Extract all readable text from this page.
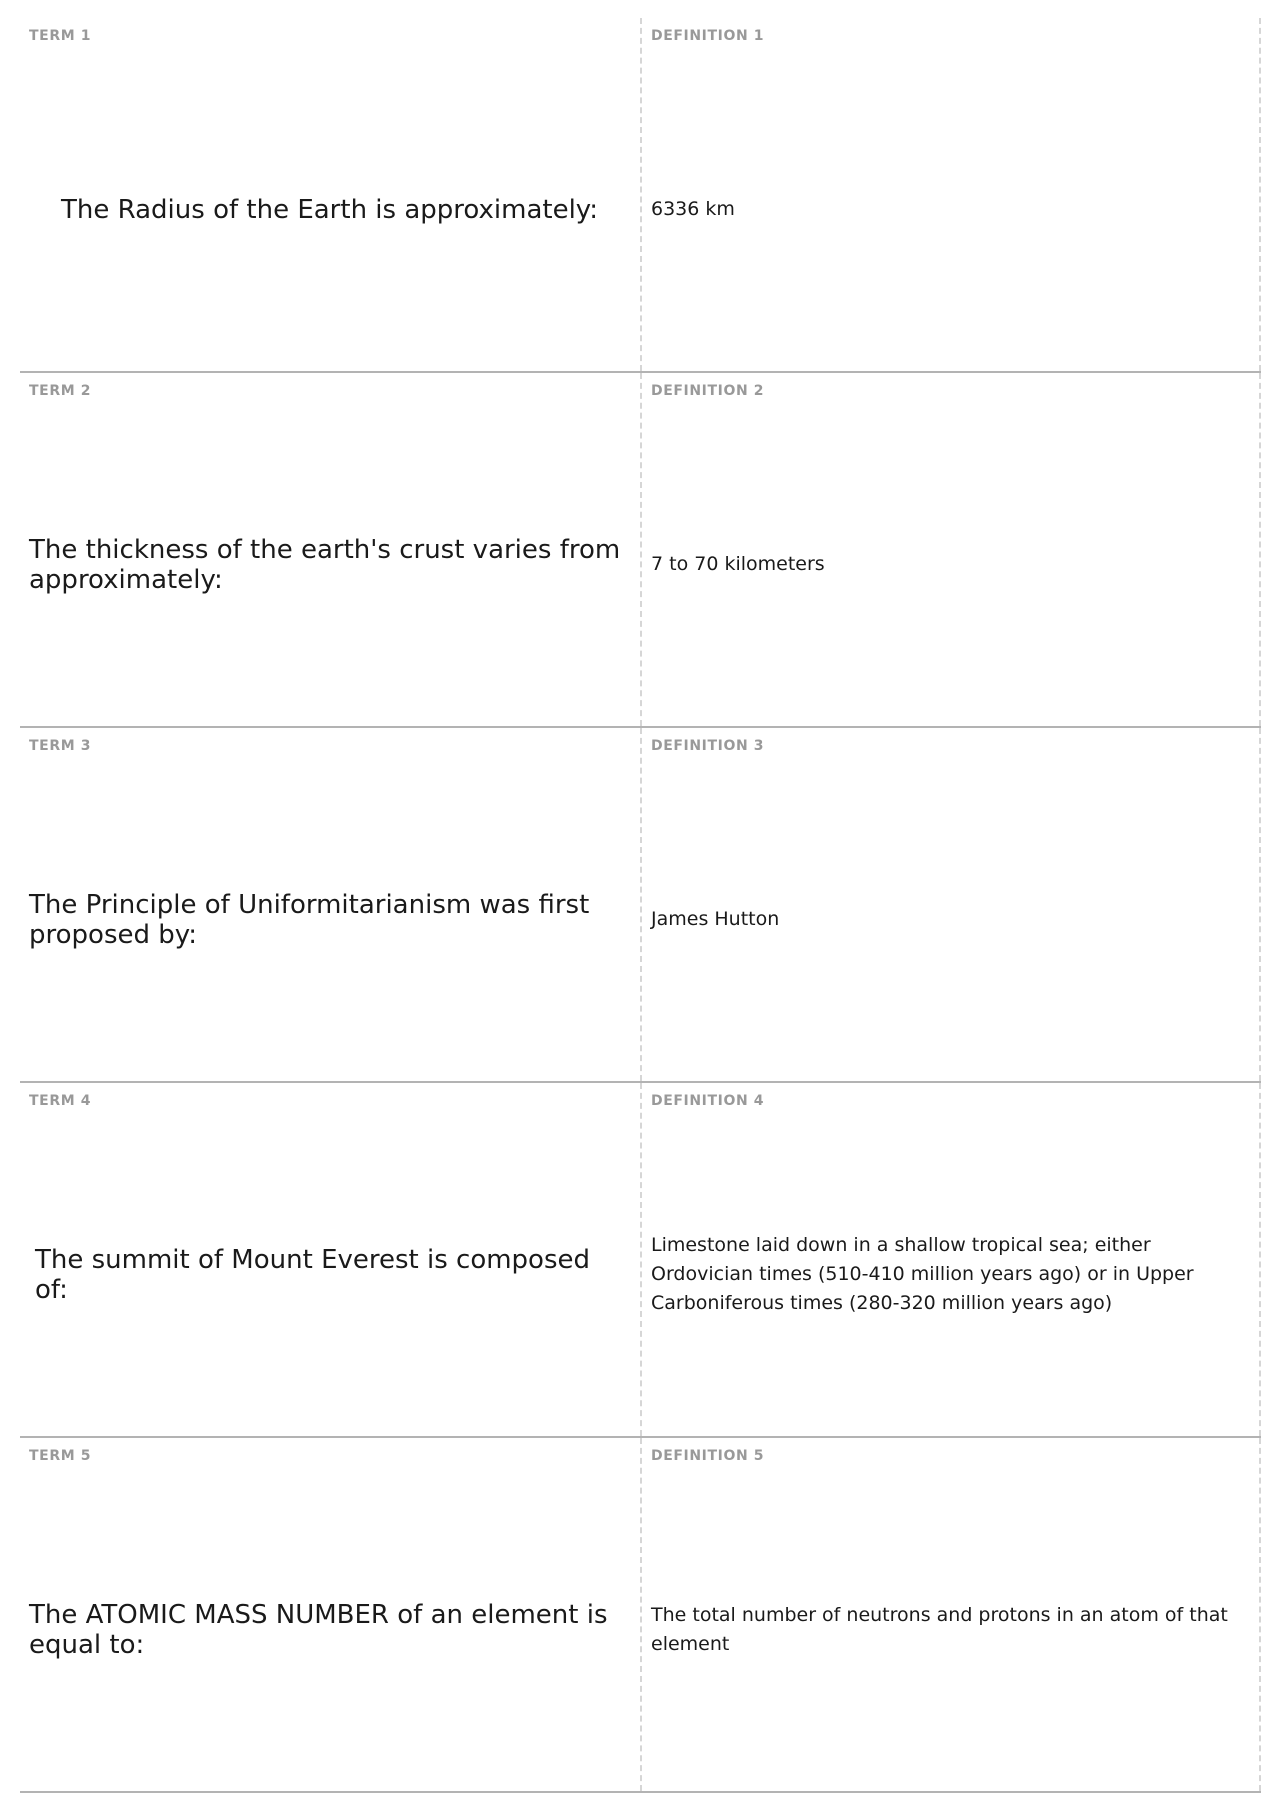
TERM 1
The Radius of the Earth is approximately:
DEFINITION 1
6336 km
TERM 2
The thickness of the earth's crust varies from approximately:
DEFINITION 2
7 to 70 kilometers
TERM 3
The Principle of Uniformitarianism was first proposed by:
DEFINITION 3
James Hutton
TERM 4
The summit of Mount Everest is composed of:
DEFINITION 4
Limestone laid down in a shallow tropical sea; either Ordovician times (510-410 million years ago) or in Upper Carboniferous times (280-320 million years ago)
TERM 5
The ATOMIC MASS NUMBER of an element is equal to:
DEFINITION 5
The total number of neutrons and protons in an atom of that element
